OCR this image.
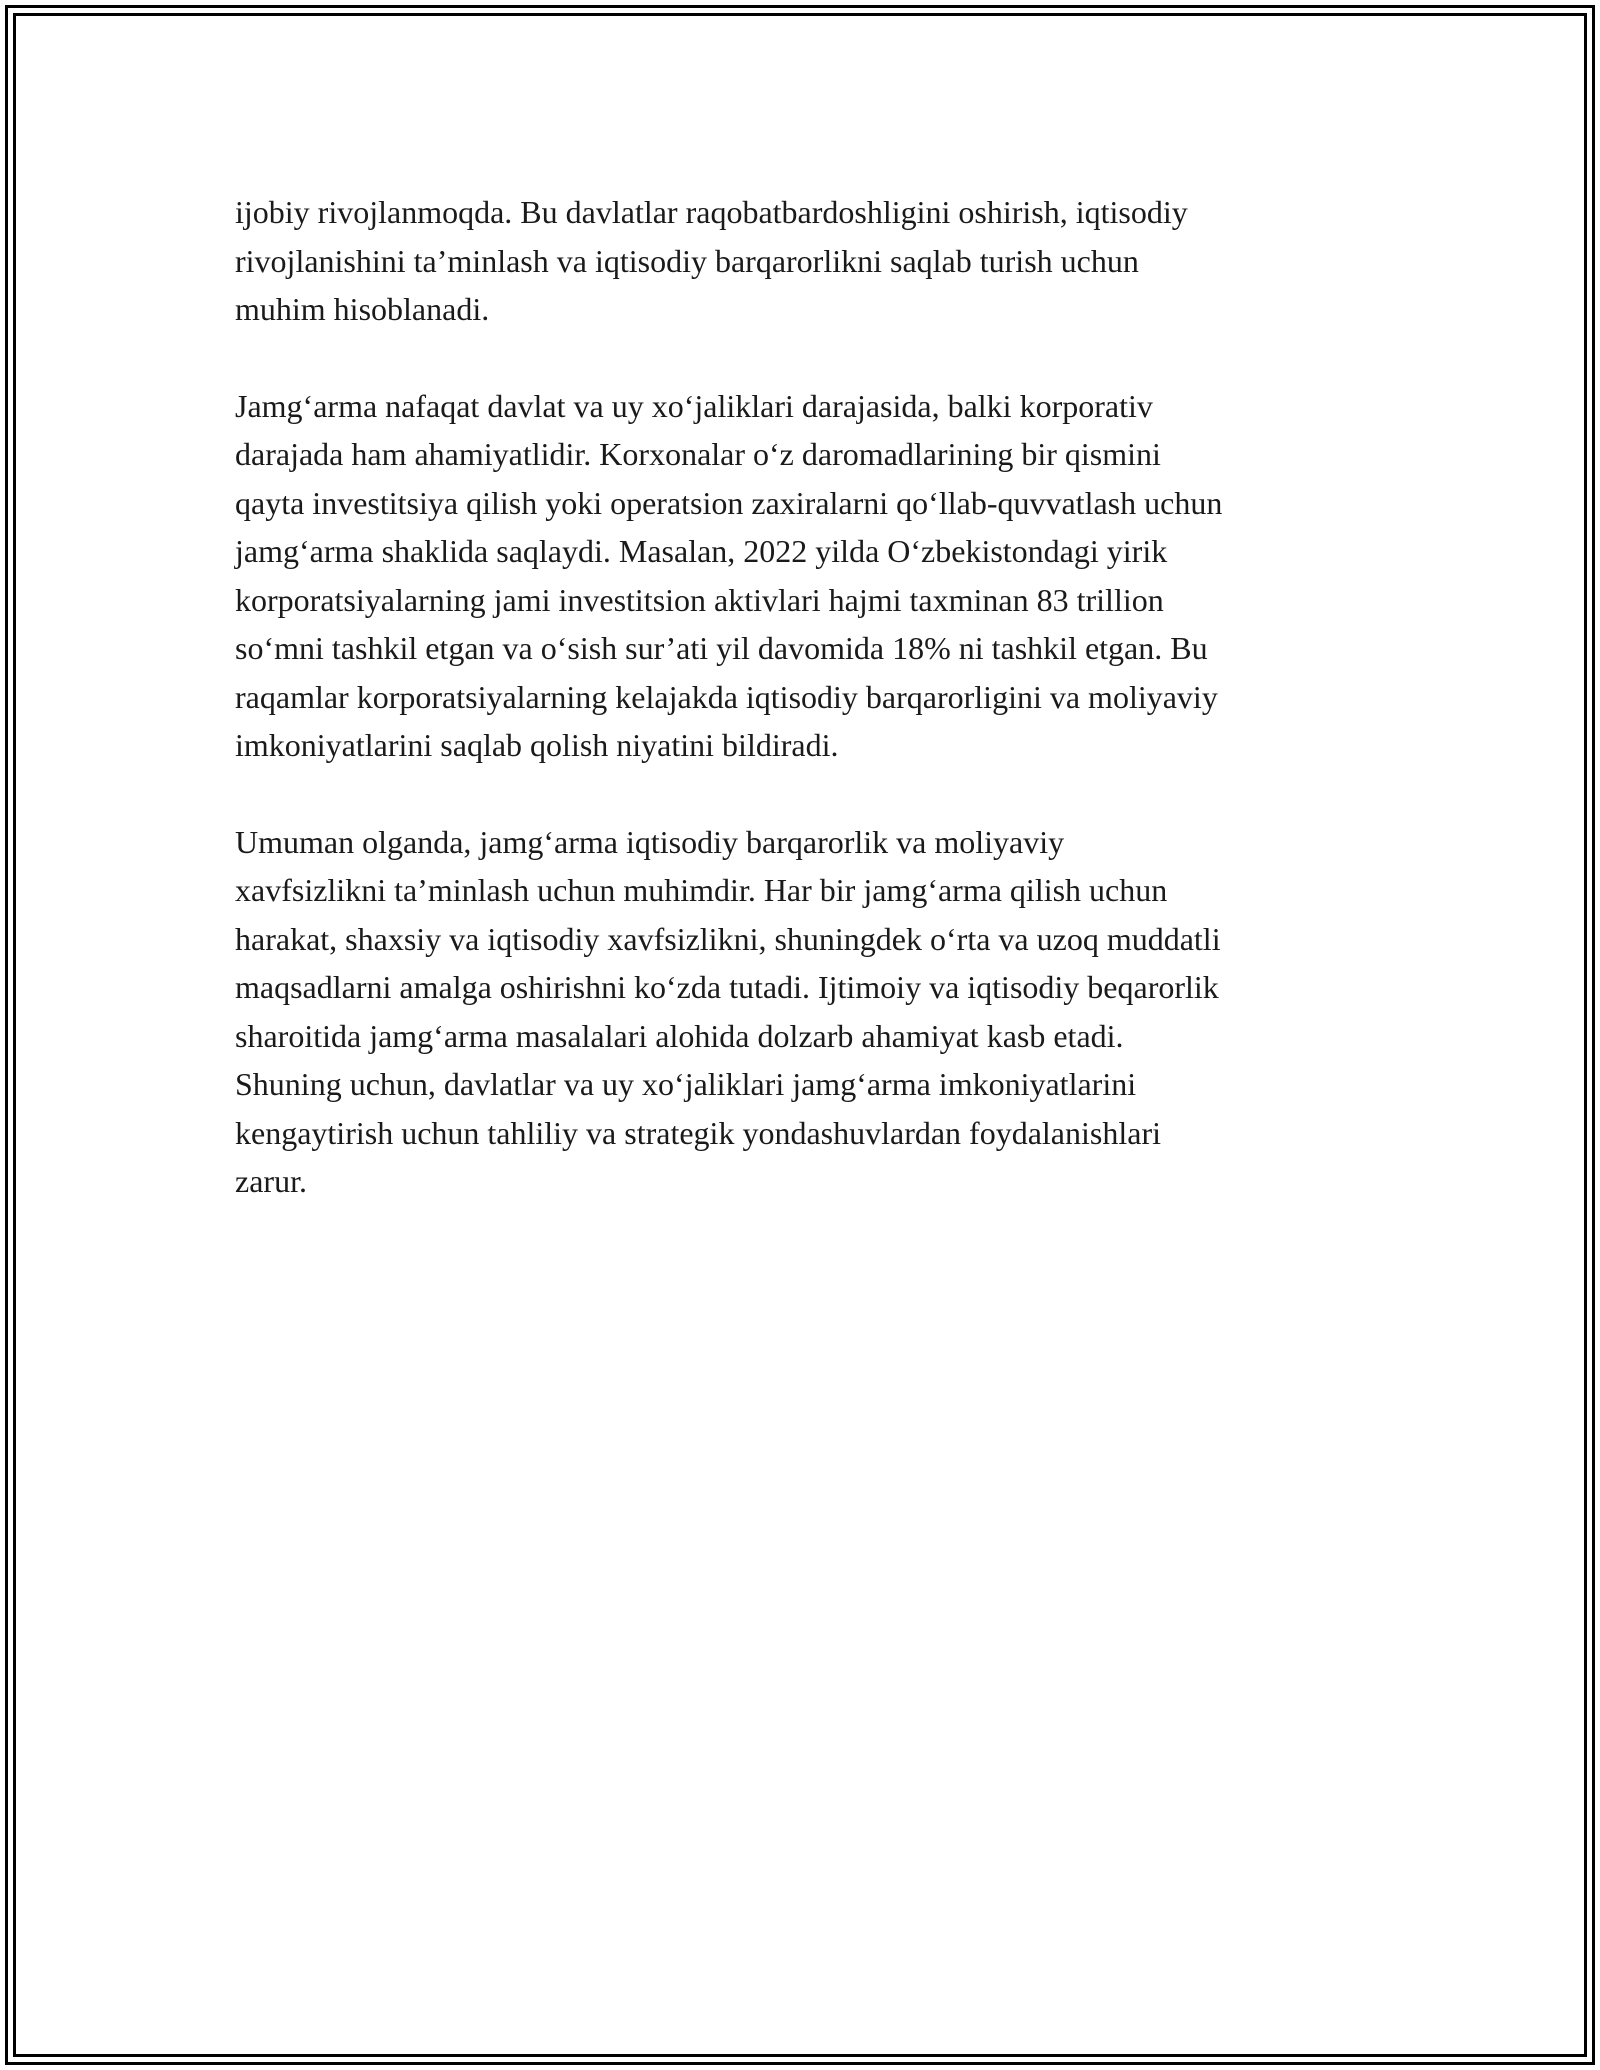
ijobiy rivojlanmoqda. Bu davlatlar raqobatbardoshligini oshirish, iqtisodiy
rivojlanishini ta’minlash va iqtisodiy barqarorlikni saqlab turish uchun
muhim hisoblanadi.

Jamg‘arma nafaqat davlat va uy xo‘jaliklari darajasida, balki korporativ
darajada ham ahamiyatlidir. Korxonalar o‘z daromadlarining bir qismini
qayta investitsiya qilish yoki operatsion zaxiralarni qo‘llab-quvvatlash uchun
jamg‘arma shaklida saqlaydi. Masalan, 2022 yilda O‘zbekistondagi yirik
korporatsiyalarning jami investitsion aktivlari hajmi taxminan 83 trillion
so‘mni tashkil etgan va o‘sish sur’ati yil davomida 18% ni tashkil etgan. Bu
raqamlar korporatsiyalarning kelajakda iqtisodiy barqarorligini va moliyaviy
imkoniyatlarini saqlab qolish niyatini bildiradi.

Umuman olganda, jamg‘arma iqtisodiy barqarorlik va moliyaviy
xavfsizlikni ta’minlash uchun muhimdir. Har bir jamg‘arma qilish uchun
harakat, shaxsiy va iqtisodiy xavfsizlikni, shuningdek o‘rta va uzoq muddatli
maqsadlarni amalga oshirishni ko‘zda tutadi. Ijtimoiy va iqtisodiy beqarorlik
sharoitida jamg‘arma masalalari alohida dolzarb ahamiyat kasb etadi.
Shuning uchun, davlatlar va uy xo‘jaliklari jamg‘arma imkoniyatlarini
kengaytirish uchun tahliliy va strategik yondashuvlardan foydalanishlari
zarur.
